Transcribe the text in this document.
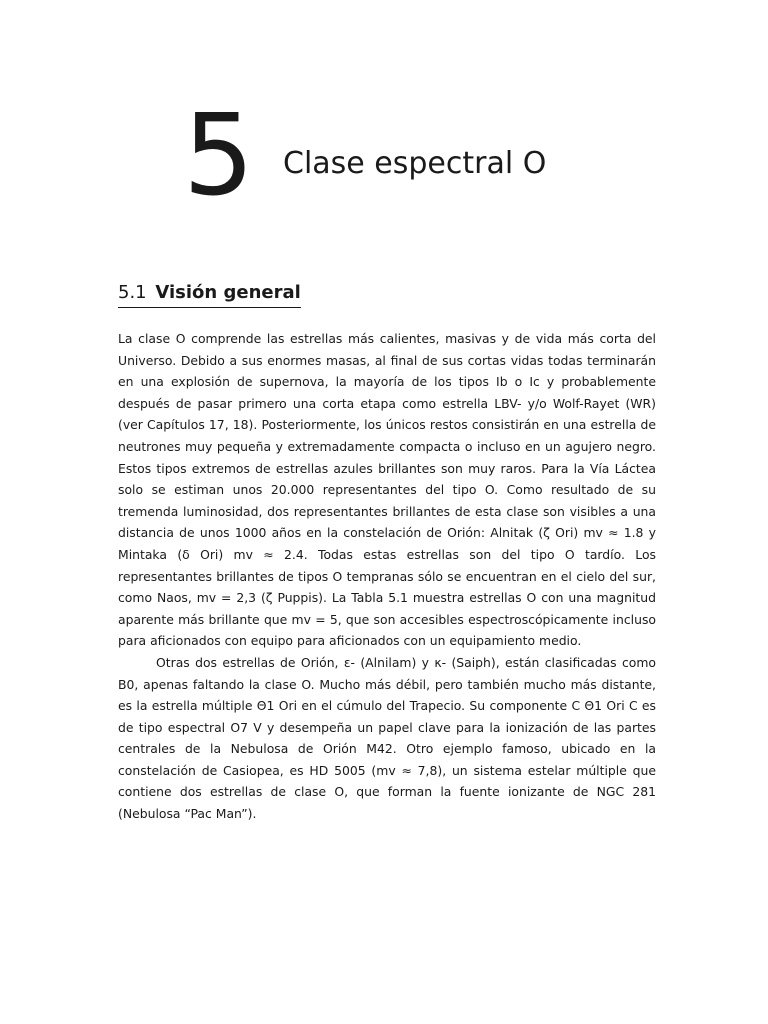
5 Clase espectral O
5.1 Visión general

La clase O comprende las estrellas más calientes, masivas y de vida más corta del Universo. Debido a sus enormes masas, al final de sus cortas vidas todas terminarán en una explosión de supernova, la mayoría de los tipos Ib o Ic y probablemente después de pasar primero una corta etapa como estrella LBV- y/o Wolf-Rayet (WR) (ver Capítulos 17, 18). Posteriormente, los únicos restos consistirán en una estrella de neutrones muy pequeña y extremadamente compacta o incluso en un agujero negro. Estos tipos extremos de estrellas azules brillantes son muy raros. Para la Vía Láctea solo se estiman unos 20.000 representantes del tipo O. Como resultado de su tremenda luminosidad, dos representantes brillantes de esta clase son visibles a una distancia de unos 1000 años en la constelación de Orión: Alnitak (ζ Ori) mv ≈ 1.8 y Mintaka (δ Ori) mv ≈ 2.4. Todas estas estrellas son del tipo O tardío. Los representantes brillantes de tipos O tempranas sólo se encuentran en el cielo del sur, como Naos, mv = 2,3 (ζ Puppis). La Tabla 5.1 muestra estrellas O con una magnitud aparente más brillante que mv = 5, que son accesibles espectroscópicamente incluso para aficionados con equipo para aficionados con un equipamiento medio.

Otras dos estrellas de Orión, ε- (Alnilam) y κ- (Saiph), están clasificadas como B0, apenas faltando la clase O. Mucho más débil, pero también mucho más distante, es la estrella múltiple Θ1 Ori en el cúmulo del Trapecio. Su componente C Θ1 Ori C es de tipo espectral O7 V y desempeña un papel clave para la ionización de las partes centrales de la Nebulosa de Orión M42. Otro ejemplo famoso, ubicado en la constelación de Casiopea, es HD 5005 (mv ≈ 7,8), un sistema estelar múltiple que contiene dos estrellas de clase O, que forman la fuente ionizante de NGC 281 (Nebulosa “Pac Man”).
